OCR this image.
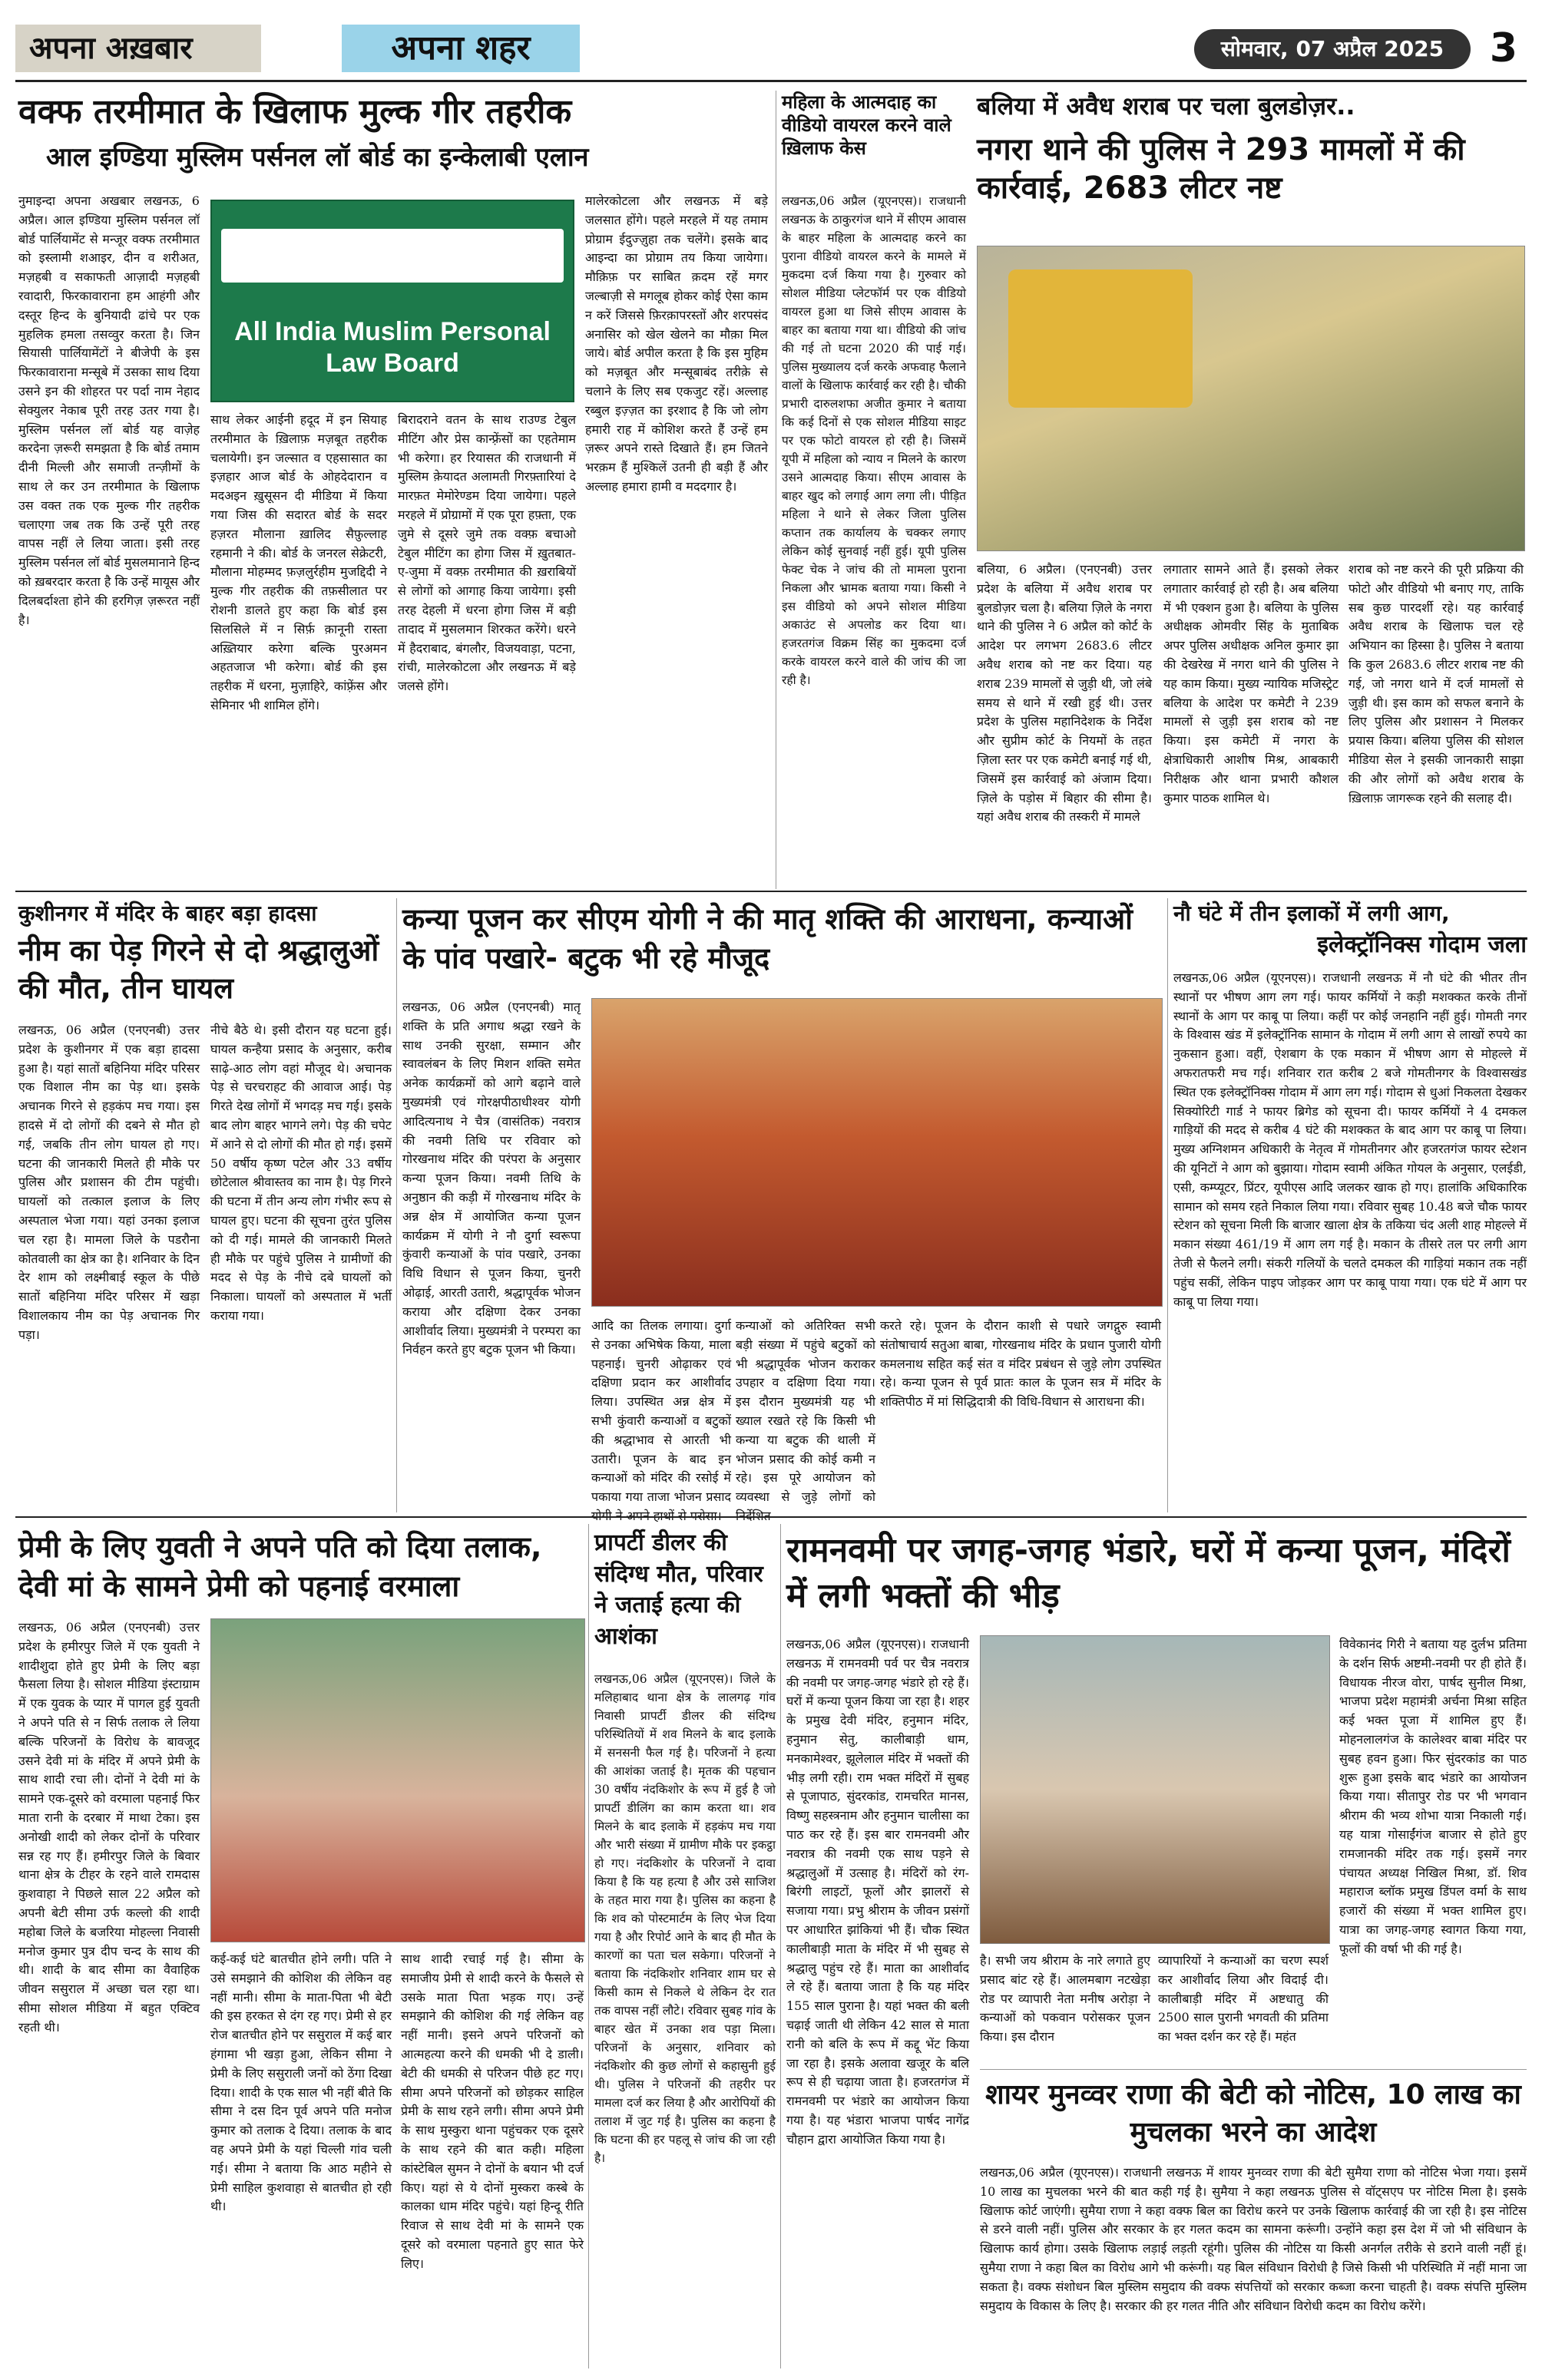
अपना अख़बार	अपना शहर	सोमवार, 07 अप्रैल 2025	3
वक्फ तरमीमात के खिलाफ मुल्क गीर तहरीक
आल इण्डिया मुस्लिम पर्सनल लॉ बोर्ड का इन्केलाबी एलान
All India Muslim Personal Law Board
नुमाइन्दा अपना अखबार लखनऊ, 6 अप्रैल। आल इण्डिया मुस्लिम पर्सनल लॉ बोर्ड पार्लियामेंट से मन्जूर वक्फ तरमीमात को इस्लामी शआइर, दीन व शरीअत, मज़हबी व सकाफती आज़ादी मज़हबी रवादारी, फिरकावाराना हम आहंगी और दस्तूर हिन्द के बुनियादी ढांचे पर एक मुहलिक हमला तसव्वुर करता है। जिन सियासी पार्लियामेंटों ने बीजेपी के इस फिरकावाराना मन्सूबे में उसका साथ दिया उसने इन की शोहरत पर पर्दा नाम नेहाद सेक्युलर नेकाब पूरी तरह उतर गया है। मुस्लिम पर्सनल लॉ बोर्ड यह वाज़ेह करदेना ज़रूरी समझता है कि बोर्ड तमाम दीनी मिल्ली और समाजी तन्ज़ीमों के साथ ले कर उन तरमीमात के खिलाफ उस वक्त तक एक मुल्क गीर तहरीक चलाएगा जब तक कि उन्हें पूरी तरह वापस नहीं ले लिया जाता। इसी तरह मुस्लिम पर्सनल लॉ बोर्ड मुसलमानाने हिन्द को ख़बरदार करता है कि उन्हें मायूस और दिलबर्दाश्ता होने की हरगिज़ ज़रूरत नहीं है।
साथ लेकर आईनी हदूद में इन सियाह तरमीमात के ख़िलाफ़ मज़बूत तहरीक चलायेगी। इन जल्सात व एहसासात का इज़हार आज बोर्ड के ओहदेदारान व मदअइन ख़ुसूसन दी मीडिया में किया गया जिस की सदारत बोर्ड के सदर हज़रत मौलाना ख़ालिद सैफ़ुल्लाह रहमानी ने की। बोर्ड के जनरल सेक्रेटरी, मौलाना मोहम्मद फ़ज़लुर्रहीम मुजद्दिदी ने मुल्क गीर तहरीक की तफ़सीलात पर रोशनी डालते हुए कहा कि बोर्ड इस सिलसिले में न सिर्फ़ क़ानूनी रास्ता अख़्तियार करेगा बल्कि पुरअमन अहतजाज भी करेगा। बोर्ड की इस तहरीक में धरना, मुज़ाहिरे, कांफ़्रेंस और सेमिनार भी शामिल होंगे।
बिरादराने वतन के साथ राउण्ड टेबुल मीटिंग और प्रेस कान्फ़्रेंसों का एहतेमाम भी करेगा। हर रियासत की राजधानी में मुस्लिम क़ेयादत अलामती गिरफ़्तारियां दे मारफ़त मेमोरेण्डम दिया जायेगा। पहले मरहले में प्रोग्रामों में एक पूरा हफ़्ता, एक जुमे से दूसरे जुमे तक वक्फ़ बचाओ टेबुल मीटिंग का होगा जिस में ख़ुतबात-ए-जुमा में वक्फ़ तरमीमात की ख़राबियों से लोगों को आगाह किया जायेगा। इसी तरह देहली में धरना होगा जिस में बड़ी तादाद में मुसलमान शिरकत करेंगे। धरने में हैदराबाद, बंगलौर, विजयवाड़ा, पटना, रांची, मालेरकोटला और लखनऊ में बड़े जलसे होंगे।
मालेरकोटला और लखनऊ में बड़े जलसात होंगे। पहले मरहले में यह तमाम प्रोग्राम ईदुज्ज़ुहा तक चलेंगे। इसके बाद आइन्दा का प्रोग्राम तय किया जायेगा। मौक़िफ़ पर साबित क़दम रहें मगर जल्बाज़ी से मगलूब होकर कोई ऐसा काम न करें जिससे फ़िरक़ापरस्तों और शरपसंद अनासिर को खेल खेलने का मौक़ा मिल जाये। बोर्ड अपील करता है कि इस मुहिम को मज़बूत और मन्सूबाबंद तरीक़े से चलाने के लिए सब एकजुट रहें। अल्लाह रब्बुल इज़्ज़त का इरशाद है कि जो लोग हमारी राह में कोशिश करते हैं उन्हें हम ज़रूर अपने रास्ते दिखाते हैं। हम जितने भरक़म हैं मुश्किलें उतनी ही बड़ी हैं और अल्लाह हमारा हामी व मददगार है।
महिला के आत्मदाह का वीडियो वायरल करने वाले ख़िलाफ केस
लखनऊ,06 अप्रैल (यूएनएस)। राजधानी लखनऊ के ठाकुरगंज थाने में सीएम आवास के बाहर महिला के आत्मदाह करने का पुराना वीडियो वायरल करने के मामले में मुकदमा दर्ज किया गया है। गुरुवार को सोशल मीडिया प्लेटफॉर्म पर एक वीडियो वायरल हुआ था जिसे सीएम आवास के बाहर का बताया गया था। वीडियो की जांच की गई तो घटना 2020 की पाई गई। पुलिस मुख्यालय दर्ज करके अफवाह फैलाने वालों के खिलाफ कार्रवाई कर रही है। चौकी प्रभारी दारुलशफा अजीत कुमार ने बताया कि कई दिनों से एक सोशल मीडिया साइट पर एक फोटो वायरल हो रही है। जिसमें यूपी में महिला को न्याय न मिलने के कारण उसने आत्मदाह किया। सीएम आवास के बाहर खुद को लगाई आग लगा ली। पीड़ित महिला ने थाने से लेकर जिला पुलिस कप्तान तक कार्यालय के चक्कर लगाए लेकिन कोई सुनवाई नहीं हुई। यूपी पुलिस फेक्ट चेक ने जांच की तो मामला पुराना निकला और भ्रामक बताया गया। किसी ने इस वीडियो को अपने सोशल मीडिया अकाउंट से अपलोड कर दिया था। हजरतगंज विक्रम सिंह का मुकदमा दर्ज करके वायरल करने वाले की जांच की जा रही है।
बलिया में अवैध शराब पर चला बुलडोज़र..
नगरा थाने की पुलिस ने 293 मामलों में की कार्रवाई, 2683 लीटर नष्ट
बलिया, 6 अप्रैल। (एनएनबी) उत्तर प्रदेश के बलिया में अवैध शराब पर बुलडोज़र चला है। बलिया ज़िले के नगरा थाने की पुलिस ने 6 अप्रैल को कोर्ट के आदेश पर लगभग 2683.6 लीटर अवैध शराब को नष्ट कर दिया। यह शराब 239 मामलों से जुड़ी थी, जो लंबे समय से थाने में रखी हुई थी। उत्तर प्रदेश के पुलिस महानिदेशक के निर्देश और सुप्रीम कोर्ट के नियमों के तहत ज़िला स्तर पर एक कमेटी बनाई गई थी, जिसमें इस कार्रवाई को अंजाम दिया। ज़िले के पड़ोस में बिहार की सीमा है। यहां अवैध शराब की तस्करी में मामले
लगातार सामने आते हैं। इसको लेकर लगातार कार्रवाई हो रही है। अब बलिया में भी एक्शन हुआ है। बलिया के पुलिस अधीक्षक ओमवीर सिंह के मुताबिक अपर पुलिस अधीक्षक अनिल कुमार झा की देखरेख में नगरा थाने की पुलिस ने यह काम किया। मुख्य न्यायिक मजिस्ट्रेट बलिया के आदेश पर कमेटी ने 239 मामलों से जुड़ी इस शराब को नष्ट किया। इस कमेटी में नगरा के क्षेत्राधिकारी आशीष मिश्र, आबकारी निरीक्षक और थाना प्रभारी कौशल कुमार पाठक शामिल थे।
शराब को नष्ट करने की पूरी प्रक्रिया की फोटो और वीडियो भी बनाए गए, ताकि सब कुछ पारदर्शी रहे। यह कार्रवाई अवैध शराब के खिलाफ चल रहे अभियान का हिस्सा है। पुलिस ने बताया कि कुल 2683.6 लीटर शराब नष्ट की गई, जो नगरा थाने में दर्ज मामलों से जुड़ी थी। इस काम को सफल बनाने के लिए पुलिस और प्रशासन ने मिलकर प्रयास किया। बलिया पुलिस की सोशल मीडिया सेल ने इसकी जानकारी साझा की और लोगों को अवैध शराब के ख़िलाफ़ जागरूक रहने की सलाह दी।
कुशीनगर में मंदिर के बाहर बड़ा हादसा
नीम का पेड़ गिरने से दो श्रद्धालुओं की मौत, तीन घायल
लखनऊ, 06 अप्रैल (एनएनबी) उत्तर प्रदेश के कुशीनगर में एक बड़ा हादसा हुआ है। यहां सातों बहिनिया मंदिर परिसर एक विशाल नीम का पेड़ था। इसके अचानक गिरने से हड़कंप मच गया। इस हादसे में दो लोगों की दबने से मौत हो गई, जबकि तीन लोग घायल हो गए। घटना की जानकारी मिलते ही मौके पर पुलिस और प्रशासन की टीम पहुंची। घायलों को तत्काल इलाज के लिए अस्पताल भेजा गया। यहां उनका इलाज चल रहा है। मामला जिले के पडरौना कोतवाली का क्षेत्र का है। शनिवार के दिन देर शाम को लक्ष्मीबाई स्कूल के पीछे सातों बहिनिया मंदिर परिसर में खड़ा विशालकाय नीम का पेड़ अचानक गिर पड़ा।
नीचे बैठे थे। इसी दौरान यह घटना हुई। घायल कन्हैया प्रसाद के अनुसार, करीब साढ़े-आठ लोग वहां मौजूद थे। अचानक पेड़ से चरचराहट की आवाज आई। पेड़ गिरते देख लोगों में भगदड़ मच गई। इसके बाद लोग बाहर भागने लगे। पेड़ की चपेट में आने से दो लोगों की मौत हो गई। इसमें 50 वर्षीय कृष्ण पटेल और 33 वर्षीय छोटेलाल श्रीवास्तव का नाम है। पेड़ गिरने की घटना में तीन अन्य लोग गंभीर रूप से घायल हुए। घटना की सूचना तुरंत पुलिस को दी गई। मामले की जानकारी मिलते ही मौके पर पहुंचे पुलिस ने ग्रामीणों की मदद से पेड़ के नीचे दबे घायलों को निकाला। घायलों को अस्पताल में भर्ती कराया गया।
कन्या पूजन कर सीएम योगी ने की मातृ शक्ति की आराधना, कन्याओं के पांव पखारे- बटुक भी रहे मौजूद
लखनऊ, 06 अप्रैल (एनएनबी) मातृ शक्ति के प्रति अगाध श्रद्धा रखने के साथ उनकी सुरक्षा, सम्मान और स्वावलंबन के लिए मिशन शक्ति समेत अनेक कार्यक्रमों को आगे बढ़ाने वाले मुख्यमंत्री एवं गोरक्षपीठाधीश्वर योगी आदित्यनाथ ने चैत्र (वासंतिक) नवरात्र की नवमी तिथि पर रविवार को गोरखनाथ मंदिर की परंपरा के अनुसार कन्या पूजन किया। नवमी तिथि के अनुष्ठान की कड़ी में गोरखनाथ मंदिर के अन्न क्षेत्र में आयोजित कन्या पूजन कार्यक्रम में योगी ने नौ दुर्गा स्वरूपा कुंवारी कन्याओं के पांव पखारे, उनका विधि विधान से पूजन किया, चुनरी ओढ़ाई, आरती उतारी, श्रद्धापूर्वक भोजन कराया और दक्षिणा देकर उनका आशीर्वाद लिया। मुख्यमंत्री ने परम्परा का निर्वहन करते हुए बटुक पूजन भी किया।
आदि का तिलक लगाया। दुर्गा से उनका अभिषेक किया, माला पहनाई। चुनरी ओढ़ाकर एवं दक्षिणा प्रदान कर आशीर्वाद लिया। उपस्थित अन्न क्षेत्र में सभी कुंवारी कन्याओं व बटुकों की श्रद्धाभाव से आरती भी उतारी। पूजन के बाद इन कन्याओं को मंदिर की रसोई में पकाया गया ताजा भोजन प्रसाद
कन्याओं को अतिरिक्त सभी बड़ी संख्या में पहुंचे बटुकों को भी श्रद्धापूर्वक भोजन कराकर उपहार व दक्षिणा दिया गया। इस दौरान मुख्यमंत्री यह भी ख्याल रखते रहे कि किसी भी कन्या या बटुक की थाली में भोजन प्रसाद की कोई कमी न रहे। इस पूरे आयोजन को व्यवस्था से जुड़े लोगों को
करते रहे। पूजन के दौरान काशी से पधारे जगद्गुरु स्वामी संतोषाचार्य सतुआ बाबा, गोरखनाथ मंदिर के प्रधान पुजारी योगी कमलनाथ सहित कई संत व मंदिर प्रबंधन से जुड़े लोग उपस्थित रहे। कन्या पूजन से पूर्व प्रातः काल के पूजन सत्र में मंदिर के शक्तिपीठ में मां सिद्धिदात्री की विधि-विधान से आराधना की।
नौ घंटे में तीन इलाकों में लगी आग,
इलेक्ट्रॉनिक्स गोदाम जला
लखनऊ,06 अप्रैल (यूएनएस)। राजधानी लखनऊ में नौ घंटे की भीतर तीन स्थानों पर भीषण आग लग गई। फायर कर्मियों ने कड़ी मशक्कत करके तीनों स्थानों के आग पर काबू पा लिया। कहीं पर कोई जनहानि नहीं हुई। गोमती नगर के विश्वास खंड में इलेक्ट्रॉनिक सामान के गोदाम में लगी आग से लाखों रुपये का नुकसान हुआ। वहीं, ऐशबाग के एक मकान में भीषण आग से मोहल्ले में अफरातफरी मच गई। शनिवार रात करीब 2 बजे गोमतीनगर के विश्वासखंड स्थित एक इलेक्ट्रॉनिक्स गोदाम में आग लग गई। गोदाम से धुआं निकलता देखकर सिक्योरिटी गार्ड ने फायर ब्रिगेड को सूचना दी। फायर कर्मियों ने 4 दमकल गाड़ियों की मदद से करीब 4 घंटे की मशक्कत के बाद आग पर काबू पा लिया। मुख्य अग्निशमन अधिकारी के नेतृत्व में गोमतीनगर और हजरतगंज फायर स्टेशन की यूनिटों ने आग को बुझाया। गोदाम स्वामी अंकित गोयल के अनुसार, एलईडी, एसी, कम्प्यूटर, प्रिंटर, यूपीएस आदि जलकर खाक हो गए। हालांकि अधिकारिक सामान को समय रहते निकाल लिया गया। रविवार सुबह 10.48 बजे चौक फायर स्टेशन को सूचना मिली कि बाजार खाला क्षेत्र के तकिया चंद अली शाह मोहल्ले में मकान संख्या 461/19 में आग लग गई है। मकान के तीसरे तल पर लगी आग तेजी से फैलने लगी। संकरी गलियों के चलते दमकल की गाड़ियां मकान तक नहीं पहुंच सकीं, लेकिन पाइप जोड़कर आग पर काबू पाया गया। एक घंटे में आग पर काबू पा लिया गया।
प्रेमी के लिए युवती ने अपने पति को दिया तलाक, देवी मां के सामने प्रेमी को पहनाई वरमाला
लखनऊ, 06 अप्रैल (एनएनबी) उत्तर प्रदेश के हमीरपुर जिले में एक युवती ने शादीशुदा होते हुए प्रेमी के लिए बड़ा फैसला लिया है। सोशल मीडिया इंस्टाग्राम में एक युवक के प्यार में पागल हुई युवती ने अपने पति से न सिर्फ तलाक ले लिया बल्कि परिजनों के विरोध के बावजूद उसने देवी मां के मंदिर में अपने प्रेमी के साथ शादी रचा ली। दोनों ने देवी मां के सामने एक-दूसरे को वरमाला पहनाई फिर माता रानी के दरबार में माथा टेका। इस अनोखी शादी को लेकर दोनों के परिवार सन्न रह गए हैं। हमीरपुर जिले के बिवार थाना क्षेत्र के टीहर के रहने वाले रामदास कुशवाहा ने पिछले साल 22 अप्रैल को अपनी बेटी सीमा उर्फ कल्लो की शादी महोबा जिले के बजरिया मोहल्ला निवासी मनोज कुमार पुत्र दीप चन्द के साथ की थी। शादी के बाद सीमा का वैवाहिक जीवन ससुराल में अच्छा चल रहा था। सीमा सोशल मीडिया में बहुत एक्टिव रहती थी।
कई-कई घंटे बातचीत होने लगी। पति ने उसे समझाने की कोशिश की लेकिन वह नहीं मानी। सीमा के माता-पिता भी बेटी की इस हरकत से दंग रह गए। प्रेमी से हर रोज बातचीत होने पर ससुराल में कई बार हंगामा भी खड़ा हुआ, लेकिन सीमा ने प्रेमी के लिए ससुराली जनों को ठेंगा दिखा दिया। शादी के एक साल भी नहीं बीते कि सीमा ने दस दिन पूर्व अपने पति मनोज कुमार को तलाक दे दिया। तलाक के बाद वह अपने प्रेमी के यहां चिल्ली गांव चली गई। सीमा ने बताया कि आठ महीने से प्रेमी साहिल कुशवाहा से बातचीत हो रही थी।
साथ शादी रचाई गई है। सीमा के समाजीय प्रेमी से शादी करने के फैसले से उसके माता पिता भड़क गए। उन्हें समझाने की कोशिश की गई लेकिन वह नहीं मानी। इसने अपने परिजनों को आत्महत्या करने की धमकी भी दे डाली। बेटी की धमकी से परिजन पीछे हट गए। सीमा अपने परिजनों को छोड़कर साहिल प्रेमी के साथ रहने लगी। सीमा अपने प्रेमी के साथ मुस्कुरा थाना पहुंचकर एक दूसरे के साथ रहने की बात कही। महिला कांस्टेबिल सुमन ने दोनों के बयान भी दर्ज किए। यहां से ये दोनों मुस्करा कस्बे के कालका धाम मंदिर पहुंचे। यहां हिन्दू रीति रिवाज से साथ देवी मां के सामने एक दूसरे को वरमाला पहनाते हुए सात फेरे लिए।
प्रापर्टी डीलर की संदिग्ध मौत, परिवार ने जताई हत्या की आशंका
लखनऊ,06 अप्रैल (यूएनएस)। जिले के मलिहाबाद थाना क्षेत्र के लालगढ़ गांव निवासी प्रापर्टी डीलर की संदिग्ध परिस्थितियों में शव मिलने के बाद इलाके में सनसनी फैल गई है। परिजनों ने हत्या की आशंका जताई है। मृतक की पहचान 30 वर्षीय नंदकिशोर के रूप में हुई है जो प्रापर्टी डीलिंग का काम करता था। शव मिलने के बाद इलाके में हड़कंप मच गया और भारी संख्या में ग्रामीण मौके पर इकट्ठा हो गए। नंदकिशोर के परिजनों ने दावा किया है कि यह हत्या है और उसे साजिश के तहत मारा गया है। पुलिस का कहना है कि शव को पोस्टमार्टम के लिए भेज दिया गया है और रिपोर्ट आने के बाद ही मौत के कारणों का पता चल सकेगा। परिजनों ने बताया कि नंदकिशोर शनिवार शाम घर से किसी काम से निकले थे लेकिन देर रात तक वापस नहीं लौटे। रविवार सुबह गांव के बाहर खेत में उनका शव पड़ा मिला। परिजनों के अनुसार, शनिवार को नंदकिशोर की कुछ लोगों से कहासुनी हुई थी। पुलिस ने परिजनों की तहरीर पर मामला दर्ज कर लिया है और आरोपियों की तलाश में जुट गई है। पुलिस का कहना है कि घटना की हर पहलू से जांच की जा रही है।
रामनवमी पर जगह-जगह भंडारे, घरों में कन्या पूजन, मंदिरों में लगी भक्तों की भीड़
लखनऊ,06 अप्रैल (यूएनएस)। राजधानी लखनऊ में रामनवमी पर्व पर चैत्र नवरात्र की नवमी पर जगह-जगह भंडारे हो रहे हैं। घरों में कन्या पूजन किया जा रहा है। शहर के प्रमुख देवी मंदिर, हनुमान मंदिर, हनुमान सेतु, कालीबाड़ी धाम, मनकामेश्वर, झूलेलाल मंदिर में भक्तों की भीड़ लगी रही। राम भक्त मंदिरों में सुबह से पूजापाठ, सुंदरकांड, रामचरित मानस, विष्णु सहस्त्रनाम और हनुमान चालीसा का पाठ कर रहे हैं। इस बार रामनवमी और नवरात्र की नवमी एक साथ पड़ने से श्रद्धालुओं में उत्साह है। मंदिरों को रंग-बिरंगी लाइटों, फूलों और झालरों से सजाया गया। प्रभु श्रीराम के जीवन प्रसंगों पर आधारित झांकियां भी हैं। चौक स्थित कालीबाड़ी माता के मंदिर में भी सुबह से श्रद्धालु पहुंच रहे हैं। माता का आशीर्वाद ले रहे हैं। बताया जाता है कि यह मंदिर 155 साल पुराना है। यहां भक्त की बली चढ़ाई जाती थी लेकिन 42 साल से माता रानी को बलि के रूप में कद्दू भेंट किया जा रहा है। इसके अलावा खजूर के बलि रूप से ही चढ़ाया जाता है। हजरतगंज में रामनवमी पर भंडारे का आयोजन किया गया है। यह भंडारा भाजपा पार्षद नागेंद्र चौहान द्वारा आयोजित किया गया है।
है। सभी जय श्रीराम के नारे लगाते हुए प्रसाद बांट रहे हैं। आलमबाग नटखेड़ा रोड पर व्यापारी नेता मनीष अरोड़ा ने कन्याओं को पकवान परोसकर पूजन किया। इस दौरान
व्यापारियों ने कन्याओं का चरण स्पर्श कर आशीर्वाद लिया और विदाई दी। कालीबाड़ी मंदिर में अष्टधातु की 2500 साल पुरानी भगवती की प्रतिमा का भक्त दर्शन कर रहे हैं। महंत
विवेकानंद गिरी ने बताया यह दुर्लभ प्रतिमा के दर्शन सिर्फ अष्टमी-नवमी पर ही होते हैं। विधायक नीरज वोरा, पार्षद सुनील मिश्रा, भाजपा प्रदेश महामंत्री अर्चना मिश्रा सहित कई भक्त पूजा में शामिल हुए हैं। मोहनलालगंज के कालेश्वर बाबा मंदिर पर सुबह हवन हुआ। फिर सुंदरकांड का पाठ शुरू हुआ इसके बाद भंडारे का आयोजन किया गया। सीतापुर रोड पर भी भगवान श्रीराम की भव्य शोभा यात्रा निकाली गई। यह यात्रा गोसाईंगंज बाजार से होते हुए रामजानकी मंदिर तक गई। इसमें नगर पंचायत अध्यक्ष निखिल मिश्रा, डॉ. शिव महाराज ब्लॉक प्रमुख डिंपल वर्मा के साथ हजारों की संख्या में भक्त शामिल हुए। यात्रा का जगह-जगह स्वागत किया गया, फूलों की वर्षा भी की गई है।
शायर मुनव्वर राणा की बेटी को नोटिस, 10 लाख का मुचलका भरने का आदेश
लखनऊ,06 अप्रैल (यूएनएस)। राजधानी लखनऊ में शायर मुनव्वर राणा की बेटी सुमैया राणा को नोटिस भेजा गया। इसमें 10 लाख का मुचलका भरने की बात कही गई है। सुमैया ने कहा लखनऊ पुलिस से वॉट्सएप पर नोटिस मिला है। इसके खिलाफ कोर्ट जाएंगी। सुमैया राणा ने कहा वक्फ बिल का विरोध करने पर उनके खिलाफ कार्रवाई की जा रही है। इस नोटिस से डरने वाली नहीं। पुलिस और सरकार के हर गलत कदम का सामना करूंगी। उन्होंने कहा इस देश में जो भी संविधान के खिलाफ कार्य होगा। उसके खिलाफ लड़ाई लड़ती रहूंगी। पुलिस की नोटिस या किसी अनर्गल तरीके से डराने वाली नहीं हूं। सुमैया राणा ने कहा बिल का विरोध आगे भी करूंगी। यह बिल संविधान विरोधी है जिसे किसी भी परिस्थिति में नहीं माना जा सकता है। वक्फ संशोधन बिल मुस्लिम समुदाय की वक्फ संपत्तियों को सरकार कब्जा करना चाहती है। वक्फ संपत्ति मुस्लिम समुदाय के विकास के लिए है। सरकार की हर गलत नीति और संविधान विरोधी कदम का विरोध करेंगे।
